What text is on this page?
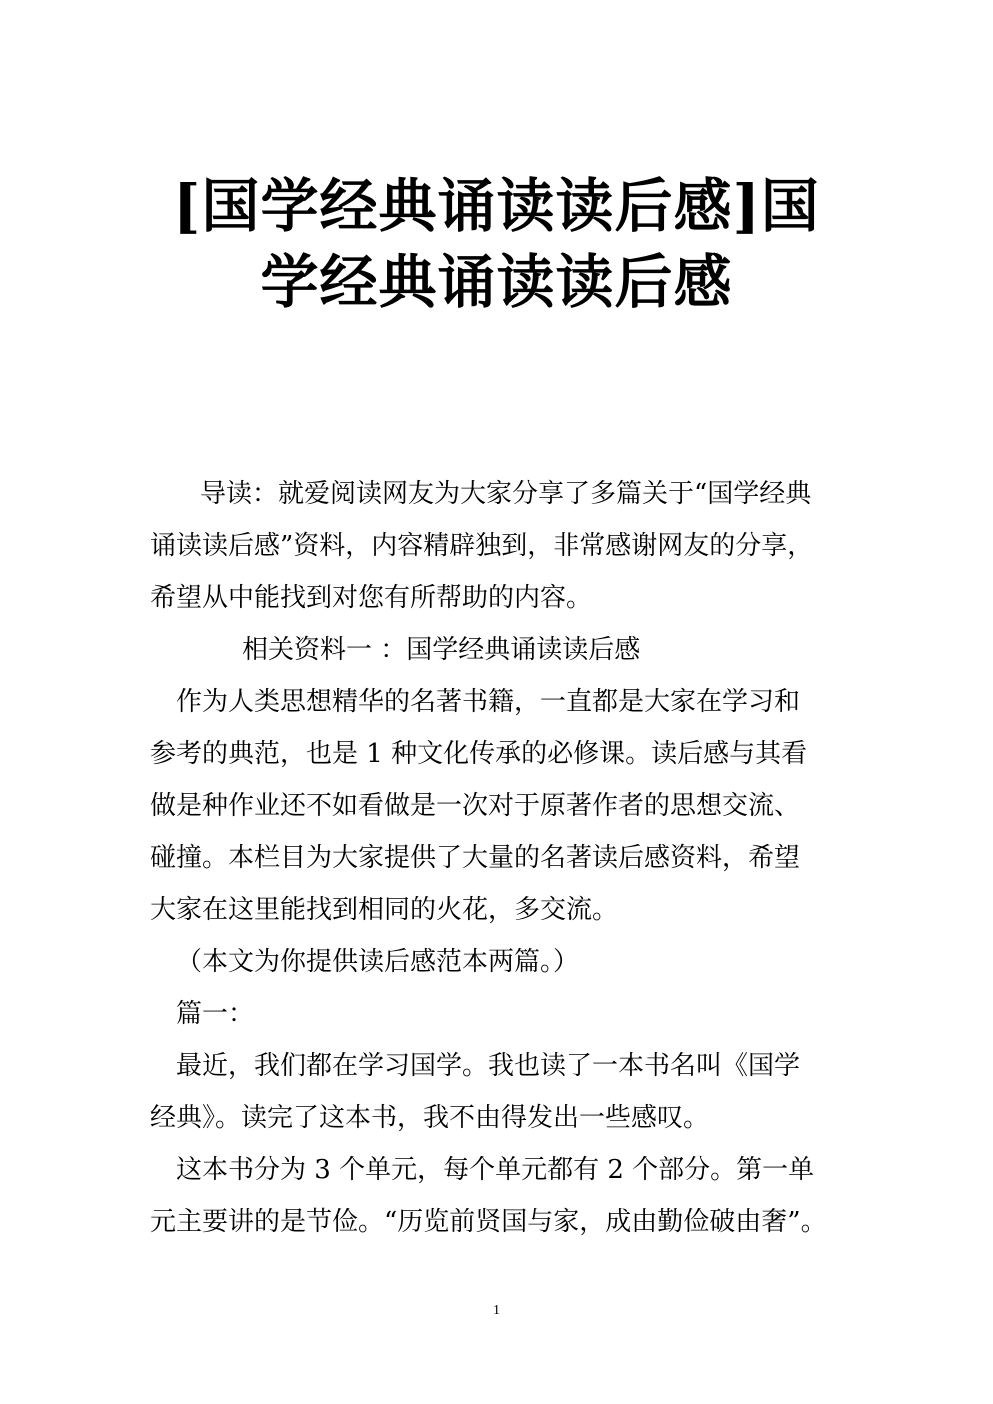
[国学经典诵读读后感]国
学经典诵读读后感

导读：就爱阅读网友为大家分享了多篇关于“国学经典
诵读读后感”资料，内容精辟独到，非常感谢网友的分享，
希望从中能找到对您有所帮助的内容。

相关资料一 ：国学经典诵读读后感

作为人类思想精华的名著书籍，一直都是大家在学习和
参考的典范，也是 1 种文化传承的必修课。读后感与其看
做是种作业还不如看做是一次对于原著作者的思想交流、
碰撞。本栏目为大家提供了大量的名著读后感资料，希望
大家在这里能找到相同的火花，多交流。

（本文为你提供读后感范本两篇。）

篇一：

最近，我们都在学习国学。我也读了一本书名叫《国学
经典》。读完了这本书，我不由得发出一些感叹。

这本书分为 3 个单元，每个单元都有 2 个部分。第一单
元主要讲的是节俭。“历览前贤国与家，成由勤俭破由奢”。

1
